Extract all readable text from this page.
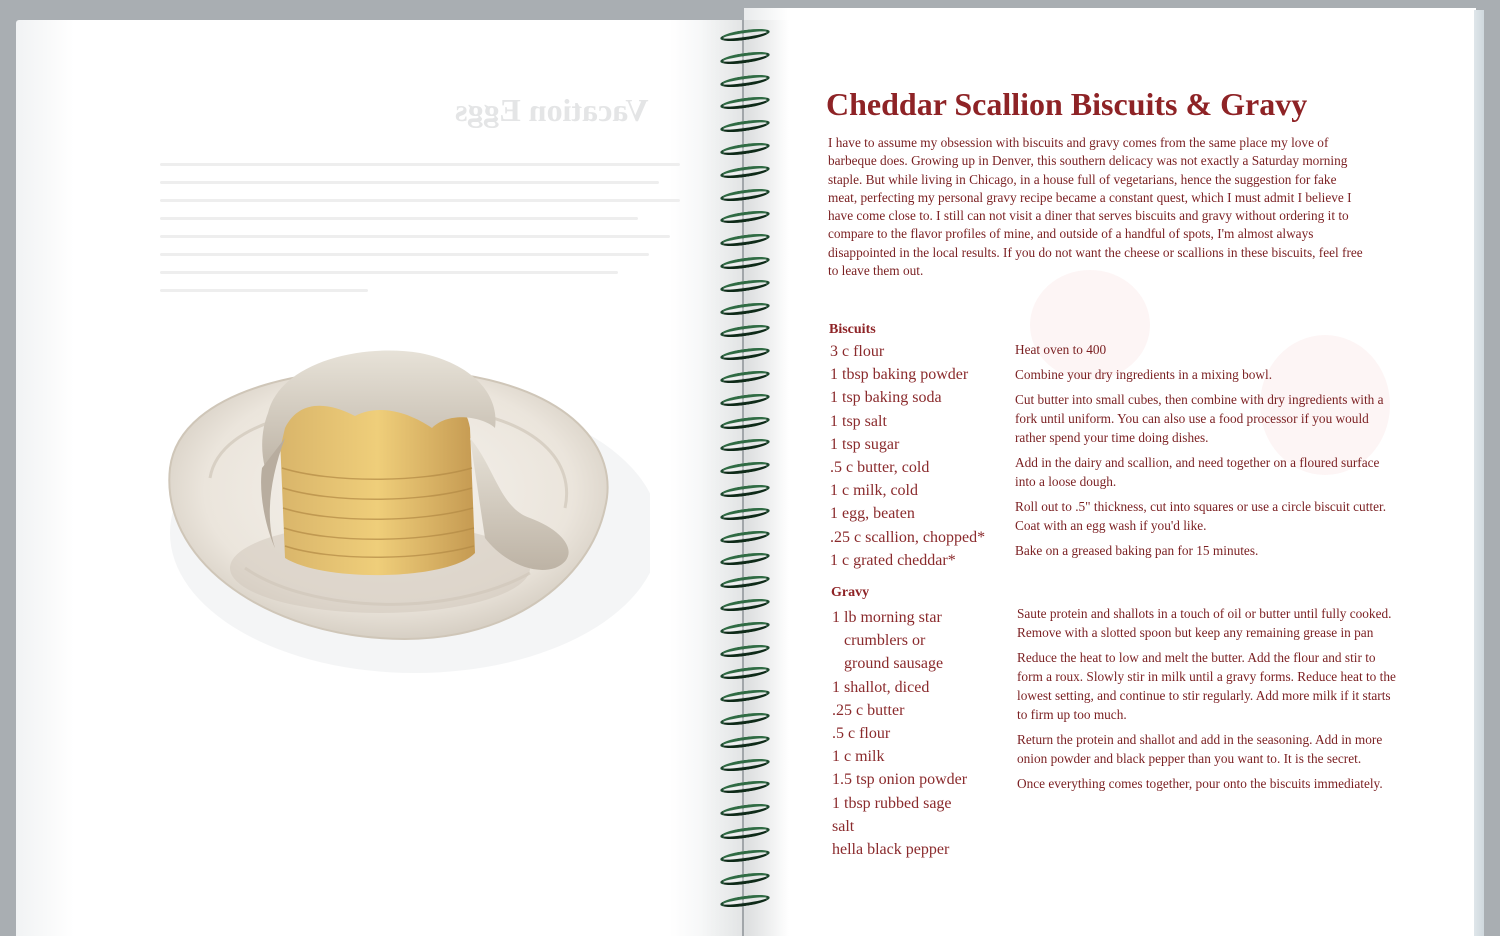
Vacation Eggs	Cheddar Scallion Biscuits & Gravy

I have to assume my obsession with biscuits and gravy comes from the same place my love of barbeque does. Growing up in Denver, this southern delicacy was not exactly a Saturday morning staple. But while living in Chicago, in a house full of vegetarians, hence the suggestion for fake meat, perfecting my personal gravy recipe became a constant quest, which I must admit I believe I have come close to. I still can not visit a diner that serves biscuits and gravy without ordering it to compare to the flavor profiles of mine, and outside of a handful of spots, I'm almost always disappointed in the local results. If you do not want the cheese or scallions in these biscuits, feel free to leave them out.

Biscuits
3 c flour
1 tbsp baking powder
1 tsp baking soda
1 tsp salt
1 tsp sugar
.5 c butter, cold
1 c milk, cold
1 egg, beaten
.25 c scallion, chopped*
1 c grated cheddar*
Heat oven to 400
Combine your dry ingredients in a mixing bowl.
Cut butter into small cubes, then combine with dry ingredients with a fork until uniform. You can also use a food processor if you would rather spend your time doing dishes.
Add in the dairy and scallion, and need together on a floured surface into a loose dough.
Roll out to .5" thickness, cut into squares or use a circle biscuit cutter. Coat with an egg wash if you'd like.
Bake on a greased baking pan for 15 minutes.
Gravy
1 lb morning star
crumblers or
ground sausage
1 shallot, diced
.25 c butter
.5 c flour
1 c milk
1.5 tsp onion powder
1 tbsp rubbed sage
salt
hella black pepper
Saute protein and shallots in a touch of oil or butter until fully cooked. Remove with a slotted spoon but keep any remaining grease in pan
Reduce the heat to low and melt the butter. Add the flour and stir to form a roux. Slowly stir in milk until a gravy forms. Reduce heat to the lowest setting, and continue to stir regularly. Add more milk if it starts to firm up too much.
Return the protein and shallot and add in the seasoning. Add in more onion powder and black pepper than you want to. It is the secret.
Once everything comes together, pour onto the biscuits immediately.
